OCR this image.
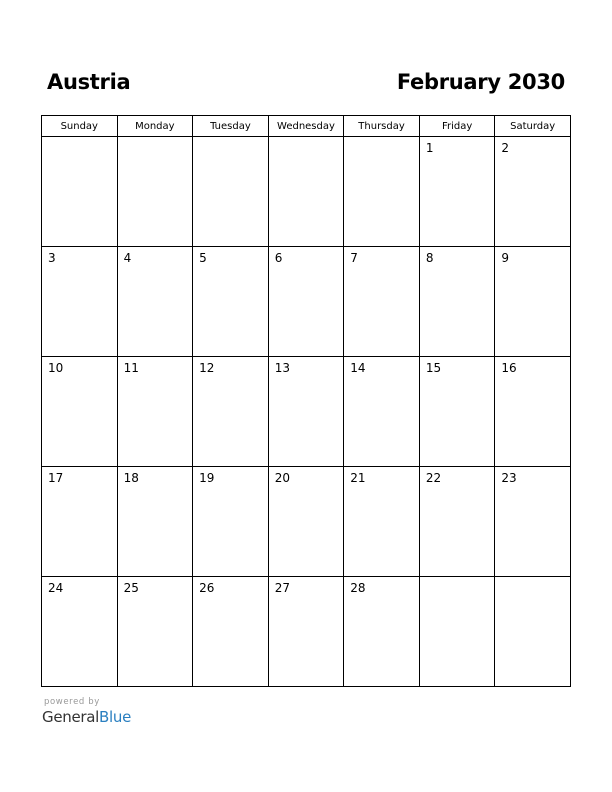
Austria	February 2030
Sunday	Monday	Tuesday	Wednesday	Thursday	Friday	Saturday

					1	2

3	4	5	6	7	8	9

10	11	12	13	14	15	16

17	18	19	20	21	22	23

24	25	26	27	28		

powered by
GeneralBlue
